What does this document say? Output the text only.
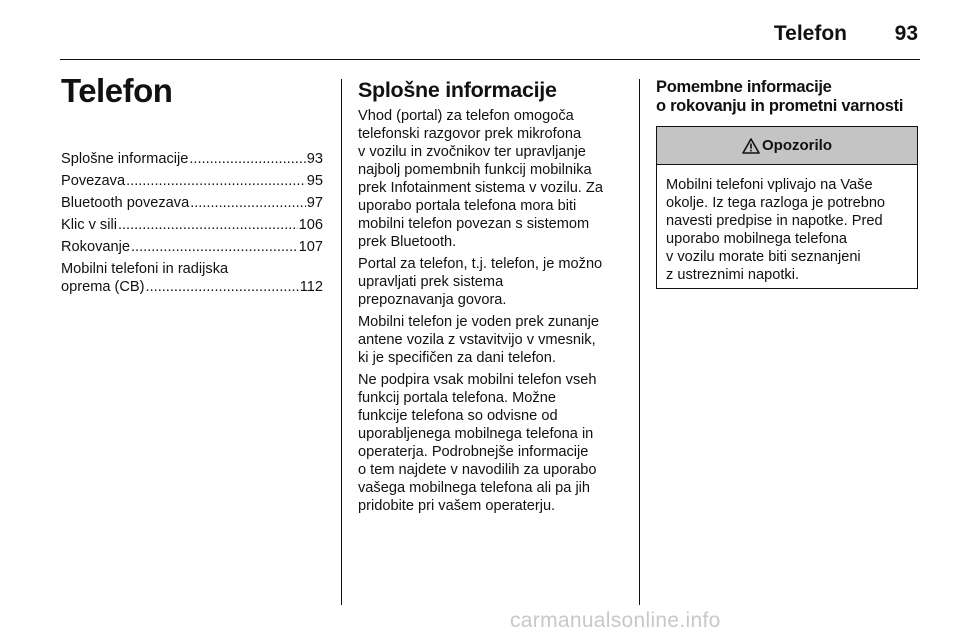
Telefon 93
Telefon
Splošne informacije .....	93
Povezava .....	95
Bluetooth povezava .....	97
Klic v sili .....	106
Rokovanje .....	107
Mobilni telefoni in radijska
oprema (CB) .....	112
Splošne informacije
Vhod (portal) za telefon omogoča
telefonski razgovor prek mikrofona
v vozilu in zvočnikov ter upravljanje
najbolj pomembnih funkcij mobilnika
prek Infotainment sistema v vozilu. Za
uporabo portala telefona mora biti
mobilni telefon povezan s sistemom
prek Bluetooth.
Portal za telefon, t.j. telefon, je možno
upravljati prek sistema
prepoznavanja govora.
Mobilni telefon je voden prek zunanje
antene vozila z vstavitvijo v vmesnik,
ki je specifičen za dani telefon.
Ne podpira vsak mobilni telefon vseh
funkcij portala telefona. Možne
funkcije telefona so odvisne od
uporabljenega mobilnega telefona in
operaterja. Podrobnejše informacije
o tem najdete v navodilih za uporabo
vašega mobilnega telefona ali pa jih
pridobite pri vašem operaterju.
Pomembne informacije
o rokovanju in prometni varnosti
Opozorilo
Mobilni telefoni vplivajo na Vaše
okolje. Iz tega razloga je potrebno
navesti predpise in napotke. Pred
uporabo mobilnega telefona
v vozilu morate biti seznanjeni
z ustreznimi napotki.
carmanualsonline.info
